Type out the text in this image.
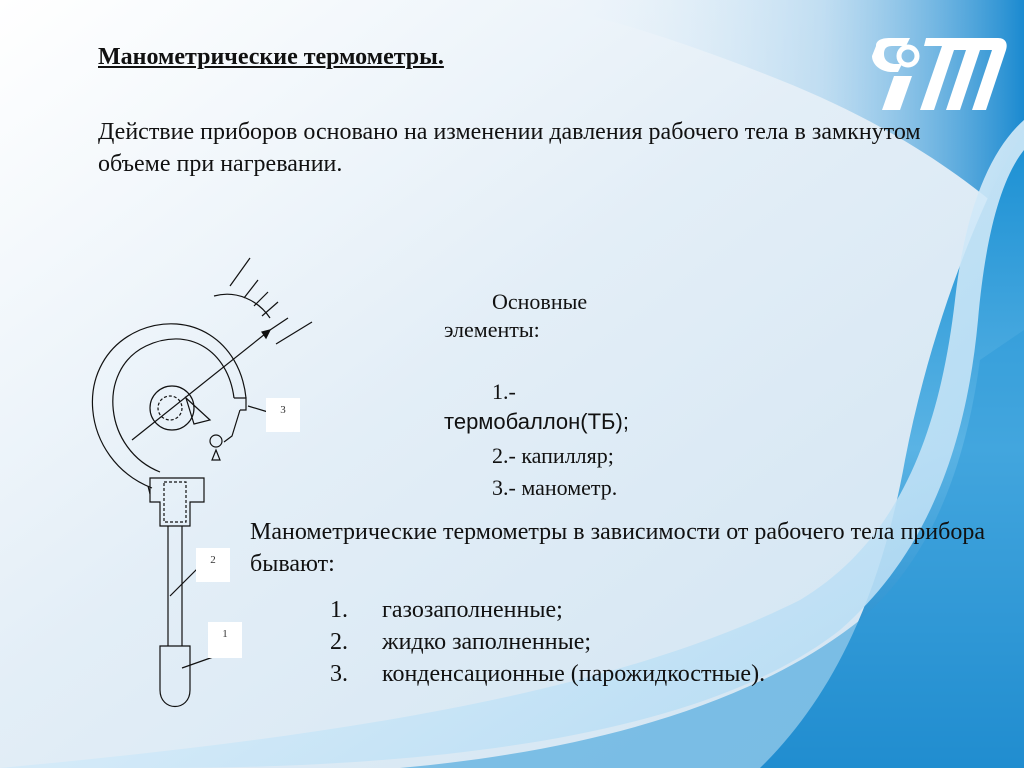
Манометрические термометры.

Действие приборов основано на изменении давления рабочего тела в замкнутом объеме при нагревании.

3
2
1

Основные элементы:

1.-

термобаллон(ТБ);

2.- капилляр;

3.- манометр.

Манометрические термометры в зависимости от рабочего тела прибора бывают:

1. газозаполненные;
2. жидко заполненные;
3. конденсационные (парожидкостные).
